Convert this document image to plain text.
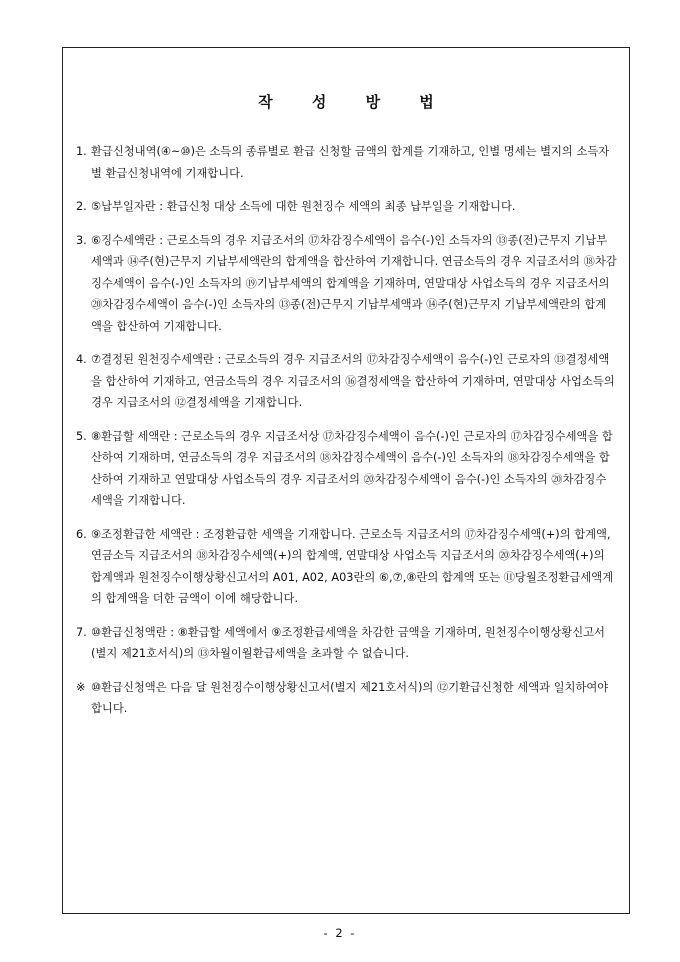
작 성 방 법
1. 환급신청내역(④~⑩)은 소득의 종류별로 환급 신청할 금액의 합계를 기재하고, 인별 명세는 별지의 소득자별 환급신청내역에 기재합니다.
2. ⑤납부일자란 : 환급신청 대상 소득에 대한 원천징수 세액의 최종 납부일을 기재합니다.
3. ⑥징수세액란 : 근로소득의 경우 지급조서의 ⑰차감징수세액이 음수(-)인 소득자의 ⑬종(전)근무지 기납부세액과 ⑭주(현)근무지 기납부세액란의 합계액을 합산하여 기재합니다. 연금소득의 경우 지급조서의 ⑱차감징수세액이 음수(-)인 소득자의 ⑲기납부세액의 합계액을 기재하며, 연말대상 사업소득의 경우 지급조서의 ⑳차감징수세액이 음수(-)인 소득자의 ⑬종(전)근무지 기납부세액과 ⑭주(현)근무지 기납부세액란의 합계액을 합산하여 기재합니다.
4. ⑦결정된 원천징수세액란 : 근로소득의 경우 지급조서의 ⑰차감징수세액이 음수(-)인 근로자의 ⑬결정세액을 합산하여 기재하고, 연금소득의 경우 지급조서의 ⑯결정세액을 합산하여 기재하며, 연말대상 사업소득의 경우 지급조서의 ⑫결정세액을 기재합니다.
5. ⑧환급할 세액란 : 근로소득의 경우 지급조서상 ⑰차감징수세액이 음수(-)인 근로자의 ⑰차감징수세액을 합산하여 기재하며, 연금소득의 경우 지급조서의 ⑱차감징수세액이 음수(-)인 소득자의 ⑱차감징수세액을 합산하여 기재하고 연말대상 사업소득의 경우 지급조서의 ⑳차감징수세액이 음수(-)인 소득자의 ⑳차감징수세액을 기재합니다.
6. ⑨조정환급한 세액란 : 조정환급한 세액을 기재합니다. 근로소득 지급조서의 ⑰차감징수세액(+)의 합계액, 연금소득 지급조서의 ⑱차감징수세액(+)의 합계액, 연말대상 사업소득 지급조서의 ⑳차감징수세액(+)의 합계액과 원천징수이행상황신고서의 A01, A02, A03란의 ⑥,⑦,⑧란의 합계액 또는 ⑪당월조정환급세액계의 합계액을 더한 금액이 이에 해당합니다.
7. ⑩환급신청액란 : ⑧환급할 세액에서 ⑨조정환급세액을 차감한 금액을 기재하며, 원천징수이행상황신고서(별지 제21호서식)의 ⑬차월이월환급세액을 초과할 수 없습니다.
※ ⑩환급신청액은 다음 달 원천징수이행상황신고서(별지 제21호서식)의 ⑫기환급신청한 세액과 일치하여야 합니다.
- 2 -
